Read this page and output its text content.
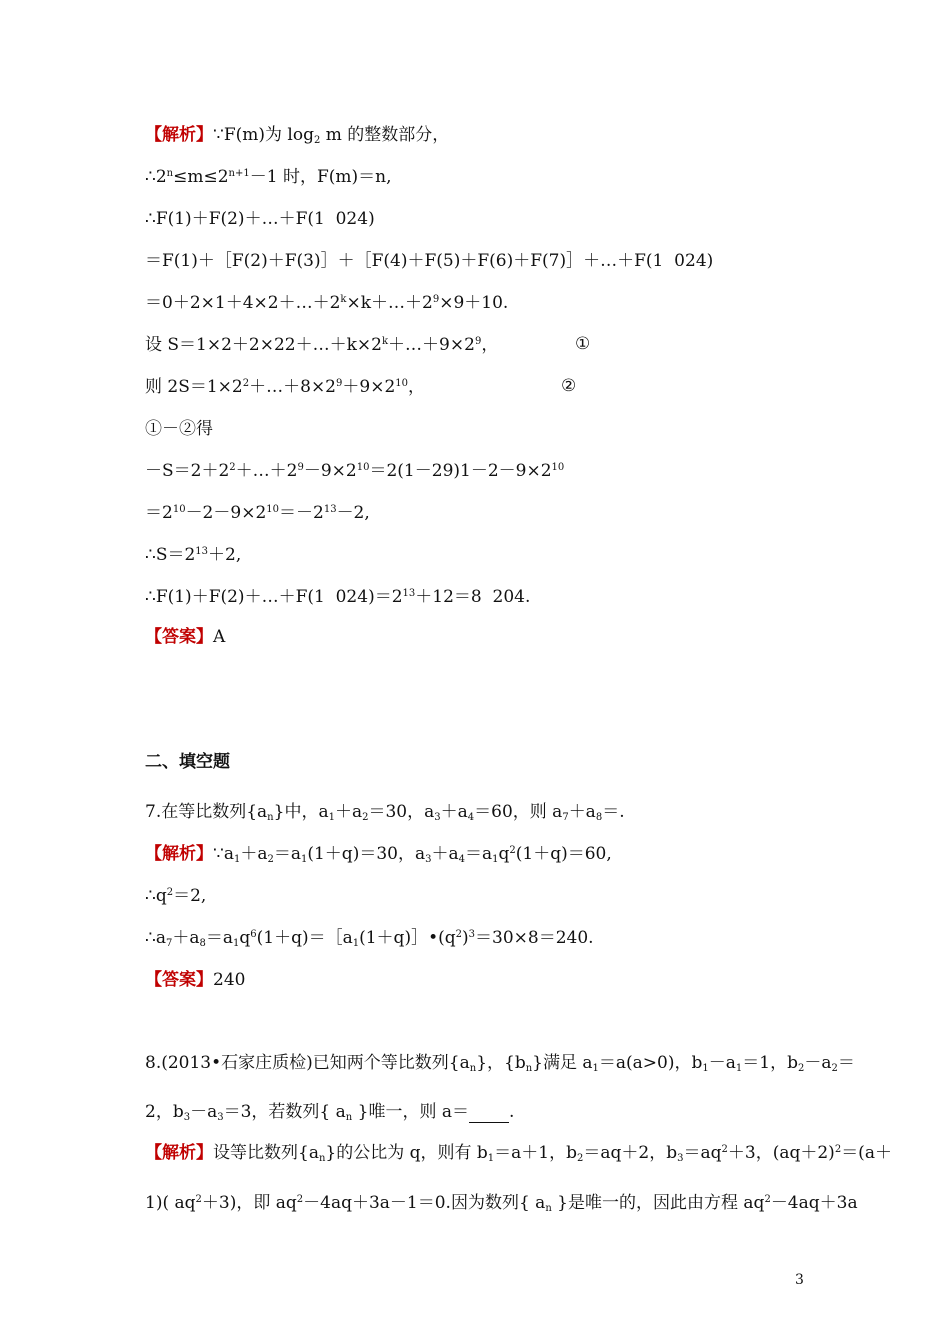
【解析】∵F(m)为 $\log_2 m$ 的整数部分，
$\therefore 2^n\le m\le 2^{n+1}-1$ 时，F(m)＝n,
∴F(1)＋F(2)＋…＋F(1  024)
＝F(1)＋［F(2)＋F(3)］＋［F(4)＋F(5)＋F(6)＋F(7)］＋…＋F(1  024)
$=0+2\times 1+4\times 2+\dots+2^k\times k+\dots+2^9\times 9+10$.
设 $S=1\times 2+2\times 22+\dots+k\times 2^k+\dots+9\times 2^9$，	①
则 $2S=1\times 2^2+\dots+8\times 2^9+9\times 2^{10}$，	②
①－②得
$-S=2+2^2+\dots+2^9-9\times 2^{10}=2(1-29)1-2-9\times 2^{10}$
$=2^{10}-2-9\times 2^{10}=-2^{13}-2$,
$\therefore S=2^{13}+2$,
∴F(1)＋F(2)＋…＋F(1  $024)=2^{13}+12=8$  204.
【答案】A
二、填空题
7.在等比数列$\{a_n\}$中，$a_1+a_2=30$，$a_3+a_4=60$，则 $a_7+a_8=$.
【解析】$\because a_1+a_2=a_1(1+q)=30$，$a_3+a_4=a_1q^2(1+q)=60$,
$\therefore q^2=2$,
$\therefore a_7+a_8=a_1q^6(1+q)=[a_1(1+q)]•(q^2)^3=30\times 8=240$.
【答案】240
8.(2013•石家庄质检)已知两个等比数列$\{a_n\}$，$\{b_n\}$满足 $a_1=a(a>0)$，$b_1-a_1=1$，$b_2-a_2=$
2，$b_3-a_3=3$，若数列{ $a_n$ }唯一，则 a＝ .
【解析】设等比数列$\{a_n\}$的公比为 q，则有 $b_1=a+1$，$b_2=aq+2$，$b_3=aq^2+3$，$(aq+2)^2=(a+$
1)( $aq^2+3$)，即 $aq^2-4aq+3a-1=0$.因为数列{ $a_n$ }是唯一的，因此由方程 $aq^2-4aq+3a$
3
